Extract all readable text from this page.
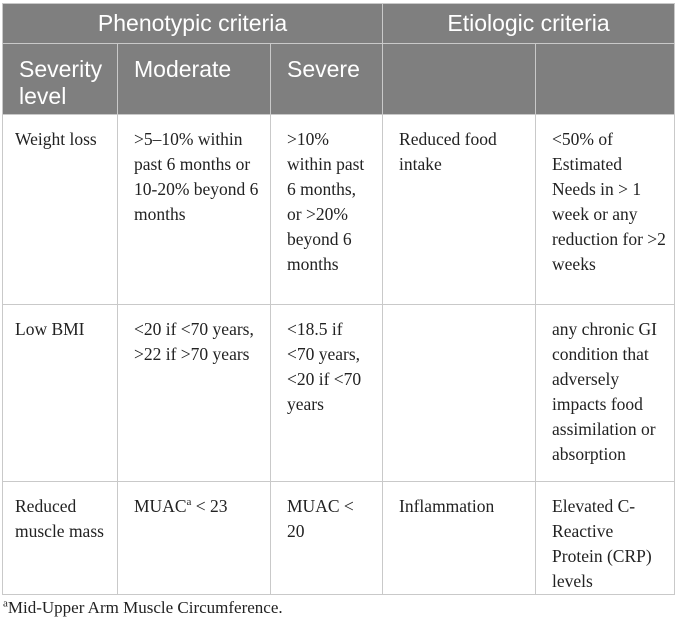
Phenotypic criteria			Etiologic criteria	
Severity level	Moderate	Severe		
Weight loss	>5–10% within past 6 months or 10-20% beyond 6 months	>10% within past 6 months, or >20% beyond 6 months	Reduced food intake	<50% of Estimated Needs in > 1 week or any reduction for >2 weeks
Low BMI	<20 if <70 years, >22 if >70 years	<18.5 if <70 years, <20 if <70 years		any chronic GI condition that adversely impacts food assimilation or absorption
Reduced muscle mass	$MUAC^a < 23$	MUAC < 20	Inflammation	Elevated C-Reactive Protein (CRP) levels
$^a$Mid-Upper Arm Muscle Circumference.
